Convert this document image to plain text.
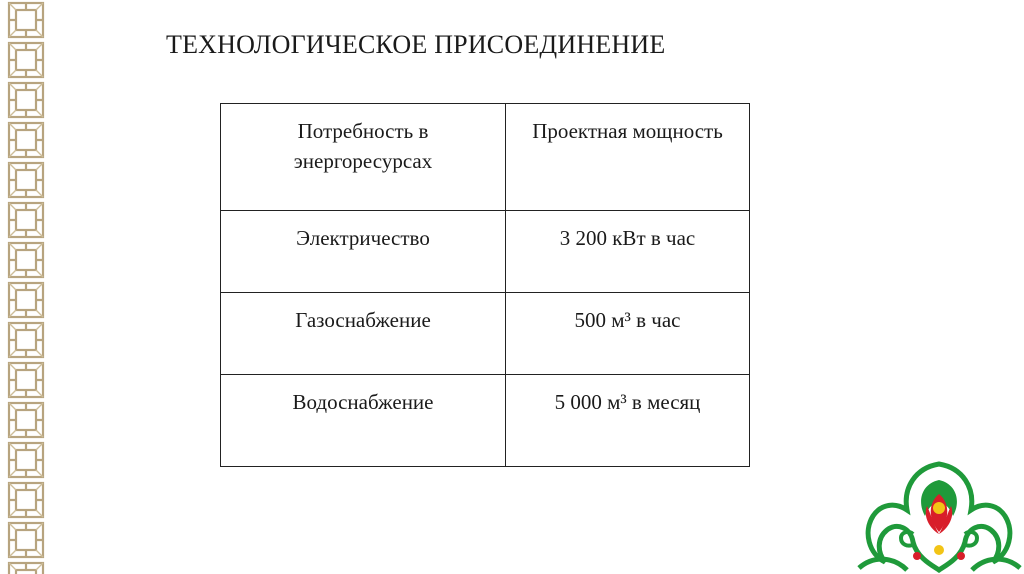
ТЕХНОЛОГИЧЕСКОЕ ПРИСОЕДИНЕНИЕ
Потребность в энергоресурсах	Проектная мощность
Электричество	3 200 кВт в час
Газоснабжение	500 м³ в час
Водоснабжение	5 000 м³ в месяц
